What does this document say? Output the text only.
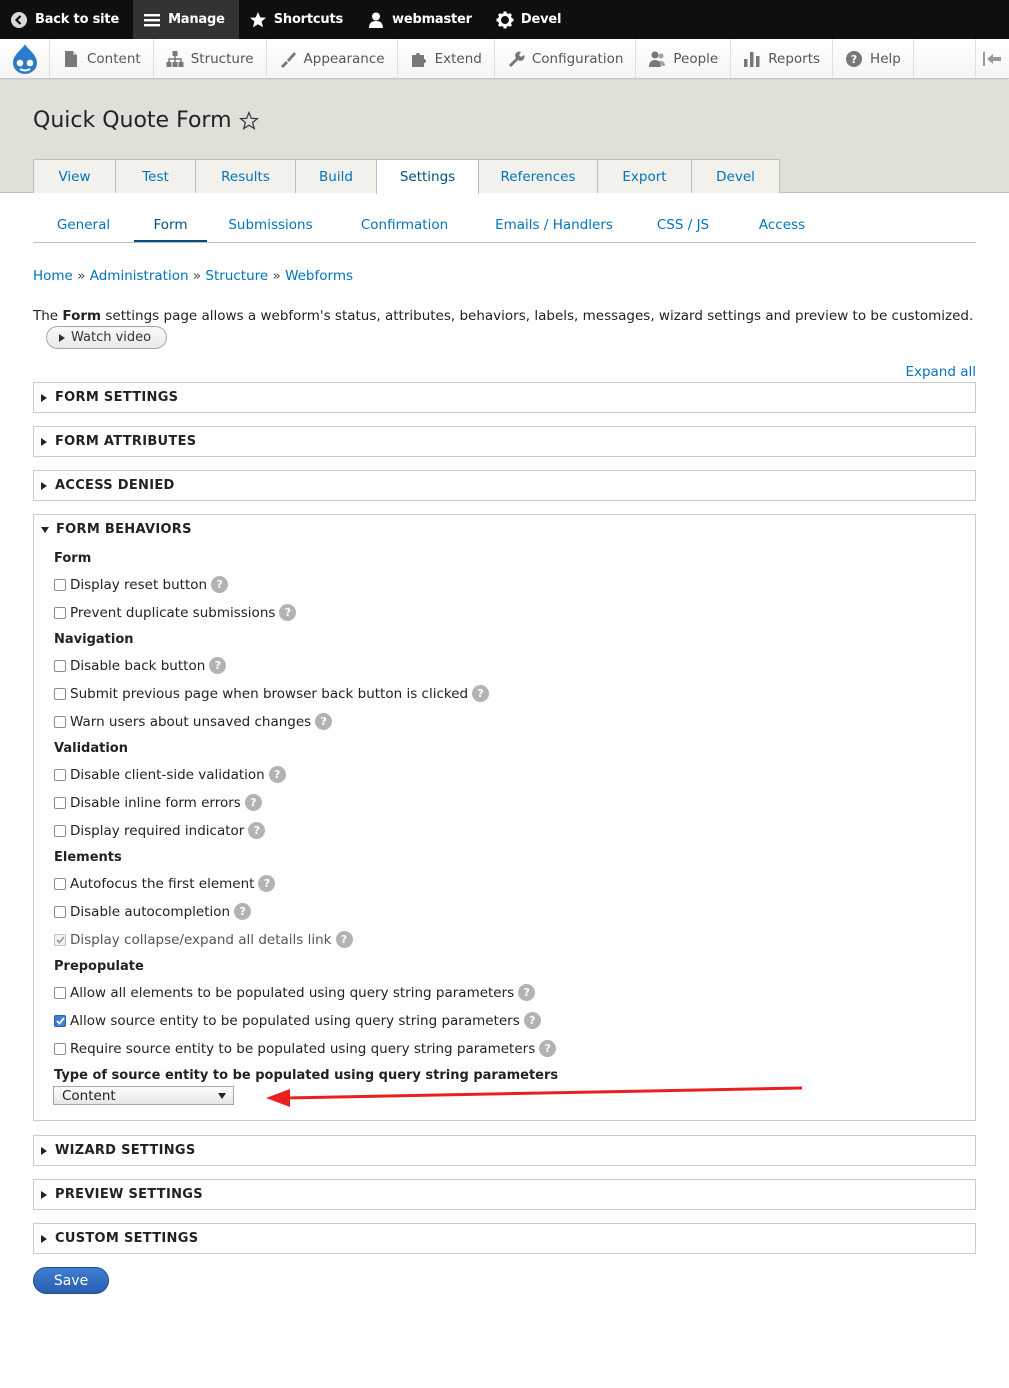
Back to site	Manage	Shortcuts	webmaster	Devel
Content	Structure	Appearance	Extend	Configuration	People	Reports	? Help
Quick Quote Form
View	Test	Results	Build	Settings	References	Export	Devel
General	Form	Submissions	Confirmation	Emails / Handlers	CSS / JS	Access
Home » Administration » Structure » Webforms
The Form settings page allows a webform's status, attributes, behaviors, labels, messages, wizard settings and preview to be customized.
Watch video
Expand all
FORM SETTINGS
FORM ATTRIBUTES
ACCESS DENIED
FORM BEHAVIORS
Form
Display reset button ?
Prevent duplicate submissions ?
Navigation
Disable back button ?
Submit previous page when browser back button is clicked ?
Warn users about unsaved changes ?
Validation
Disable client-side validation ?
Disable inline form errors ?
Display required indicator ?
Elements
Autofocus the first element ?
Disable autocompletion ?
Display collapse/expand all details link ?
Prepopulate
Allow all elements to be populated using query string parameters ?
Allow source entity to be populated using query string parameters ?
Require source entity to be populated using query string parameters ?
Type of source entity to be populated using query string parameters
Content
WIZARD SETTINGS
PREVIEW SETTINGS
CUSTOM SETTINGS
Save
